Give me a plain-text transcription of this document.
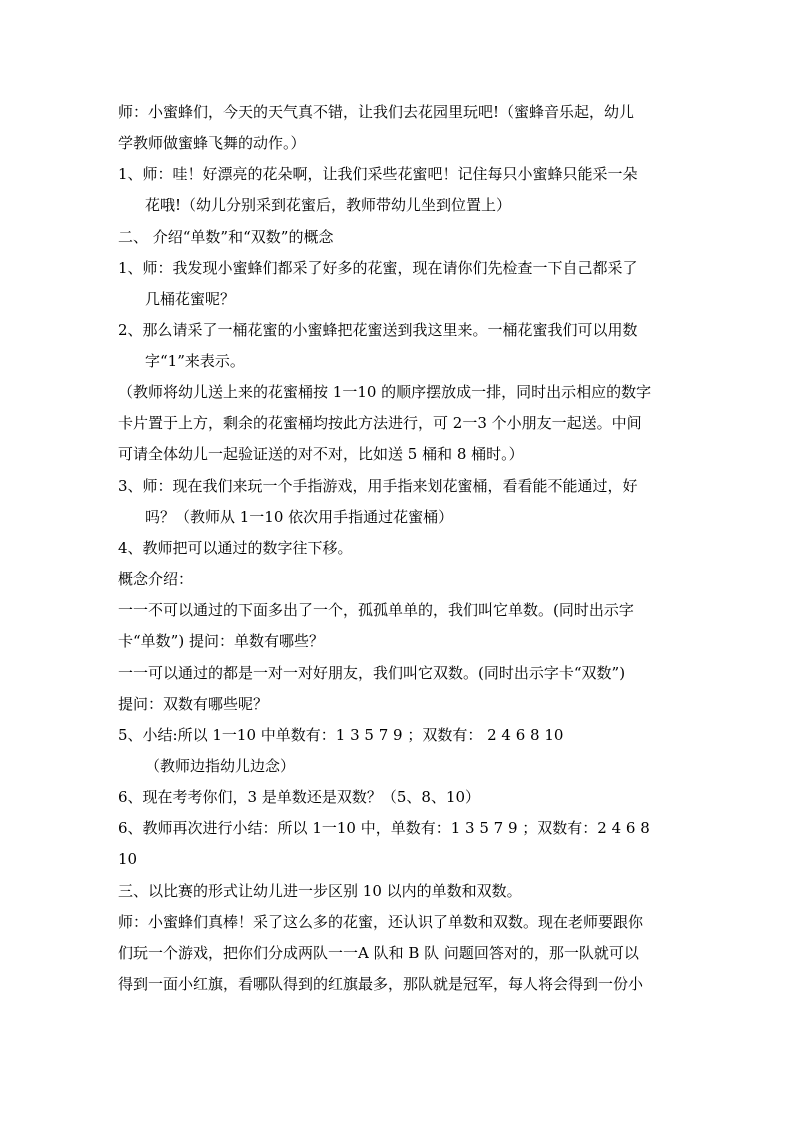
师：小蜜蜂们，今天的天气真不错，让我们去花园里玩吧!（蜜蜂音乐起，幼儿
学教师做蜜蜂飞舞的动作。）
1、师：哇！好漂亮的花朵啊，让我们采些花蜜吧！记住每只小蜜蜂只能采一朵
花哦!（幼儿分别采到花蜜后，教师带幼儿坐到位置上）
二、 介绍“单数”和“双数”的概念
1、师：我发现小蜜蜂们都采了好多的花蜜，现在请你们先检查一下自己都采了
几桶花蜜呢？
2、那么请采了一桶花蜜的小蜜蜂把花蜜送到我这里来。一桶花蜜我们可以用数
字“1”来表示。
（教师将幼儿送上来的花蜜桶按 1一10 的顺序摆放成一排，同时出示相应的数字
卡片置于上方，剩余的花蜜桶均按此方法进行，可 2一3 个小朋友一起送。中间
可请全体幼儿一起验证送的对不对，比如送 5 桶和 8 桶时。）
3、师：现在我们来玩一个手指游戏，用手指来划花蜜桶，看看能不能通过，好
吗？（教师从 1一10 依次用手指通过花蜜桶）
4、教师把可以通过的数字往下移。
概念介绍：
一一不可以通过的下面多出了一个，孤孤单单的，我们叫它单数。(同时出示字
卡“单数”) 提问：单数有哪些？
一一可以通过的都是一对一对好朋友，我们叫它双数。(同时出示字卡“双数”)
提问：双数有哪些呢？
5、小结:所以 1一10 中单数有：1 3 5 7 9 ；双数有： 2 4 6 8 10
（教师边指幼儿边念）
6、现在考考你们，3 是单数还是双数？（5、8、10）
6、教师再次进行小结：所以 1一10 中，单数有：1 3 5 7 9 ；双数有：2 4 6 8
10
三、以比赛的形式让幼儿进一步区别 10 以内的单数和双数。
师：小蜜蜂们真棒！采了这么多的花蜜，还认识了单数和双数。现在老师要跟你
们玩一个游戏，把你们分成两队一一A 队和 B 队 问题回答对的，那一队就可以
得到一面小红旗，看哪队得到的红旗最多，那队就是冠军，每人将会得到一份小
